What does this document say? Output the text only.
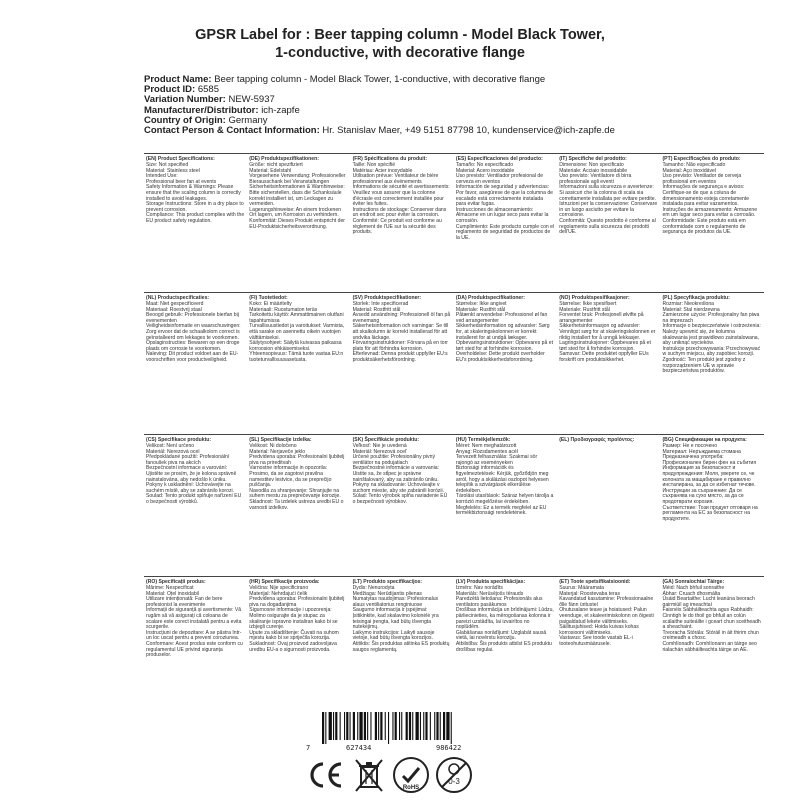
GPSR Label for : Beer tapping column - Model Black Tower,
1-conductive, with decorative flange
Product Name: Beer tapping column - Model Black Tower, 1-conductive, with decorative flange
Product ID: 6585
Variation Number: NEW-5937
Manufacturer/Distributor: ich-zapfe
Country of Origin: Germany
Contact Person & Contact Information: Hr. Stanislav Maer, +49 5151 87798 10, kundenservice@ich-zapfe.de
(EN) Product Specifications:
Size: Not specified
Material: Stainless steel
Intended Use:
Professional beer fan at events
Safety Information & Warnings: Please ensure that the scaling column is correctly installed to avoid leakages.
Storage Instructions: Store in a dry place to prevent corrosion.
Compliance: This product complies with the EU product safety regulation.
(DE) Produktspezifikationen:
Größe: nicht spezifiziert
Material: Edelstahl
Vorgesehene Verwendung: Professioneller Bierausschank bei Veranstaltungen
Sicherheitsinformationen & Warnhinweise: Bitte sicherstellen, dass die Schanksäule korrekt installiert ist, um Leckagen zu vermeiden.
Lagerungshinweise: An einem trockenen Ort lagern, um Korrosion zu verhindern.
Konformität: Dieses Produkt entspricht der EU-Produktsicherheitsverordnung.
(FR) Spécifications du produit:
Taille: Non spécifié
Matériau: Acier inoxydable
Utilisation prévue: Ventilateur de bière professionnel aux événements
Informations de sécurité et avertissements: Veuillez vous assurer que la colonne d'écrasle est correctement installée pour éviter les fuites.
Instructions de stockage: Conserver dans un endroit sec pour éviter la corrosion.
Conformité: Ce produit est conforme au règlement de l'UE sur la sécurité des produits.
(ES) Especificaciones del producto:
Tamaño: No especificado
Material: Acero inoxidable
Uso previsto: Ventilador profesional de cerveza en eventos
Información de seguridad y advertencias: Por favor, asegúrese de que la columna de escalado está correctamente instalada para evitar fugas.
Instrucciones de almacenamiento: Almacene en un lugar seco para evitar la corrosión.
Cumplimiento: Este producto cumple con el reglamento de seguridad de productos de la UE.
(IT) Specifiche del prodotto:
Dimensione: Non specificato
Materiale: Acciaio inossidabile
Uso previsto: Ventilatore di birra professionale agli eventi
Informazioni sulla sicurezza e avvertenze: Si assicuri che la colonna di scala sia correttamente installata per evitare perdite.
Istruzioni per la conservazione: Conservare in un luogo asciutto per evitare la corrosione.
Conformità: Questo prodotto è conforme al regolamento sulla sicurezza dei prodotti dell'UE.
(PT) Especificações do produto:
Tamanho: Não especificado
Material: Aço inoxidável
Uso previsto: Ventilador de cerveja profissional em eventos
Informações de segurança e avisos: Certifique-se de que a coluna de dimensionamento esteja corretamente instalada para evitar vazamentos.
Instruções de armazenamento: Armazene em um lugar seco para evitar a corrosão.
Conformidade: Este produto está em conformidade com o regulamento de segurança de produtos da UE.
(NL) Productspecificaties:
Maat: Niet gespecificeerd
Materiaal: Roestvrij staal
Beoogd gebruik: Professionele bierfan bij evenementen
Veiligheidsinformatie en waarschuwingen: Zorg ervoor dat de schaalkolom correct is geïnstalleerd om lekkages te voorkomen.
Opslaginstructies: Bewaren op een droge plaats om corrosie te voorkomen.
Naleving: Dit product voldoet aan de EU-voorschriften voor productveiligheid.
(FI) Tuotetiedot:
Koko: Ei määritelty
Materiaali: Ruostumaton teräs
Tarkoitettu käyttö: Ammattimainen olutfani tapahtumissa
Turvallisuustiedot ja varoitukset: Varmista, että sarake on asennettu oikein vuotojen välttämiseksi.
Säilytysohjeet: Säilytä kuivassa paikassa korroosion ehkäisemiseksi.
Yhteensopivuus: Tämä tuote vastaa EU:n tuoteturvallisuusasetusta.
(SV) Produktspecifikationer:
Storlek: Inte specificerad
Material: Rostfritt stål
Avsedd användning: Professionell öl fan på evenemang
Säkerhetsinformation och varningar: Se till att skalkolumn är korrekt installerad för att undvika läckage.
Förvaringsinstruktioner: Förvara på en torr plats för att förhindra korrosion.
Efterlevnad: Denna produkt uppfyller EU:s produktsäkerhetsförordning.
(DA) Produktspecifikationer:
Størrelse: Ikke angivet
Materiale: Rustfrit stål
Påtænkt anvendelse: Professionel øl fan ved arrangementer
Sikkerhedsinformation og advarsler: Sørg for, at skaleringskolonnen er korrekt installeret for at undgå lækager.
Opbevaringsinstruktioner: Opbevares på et tørt sted for at forhindre korrosion.
Overholdelse: Dette produkt overholder EU's produktsikkerhedsforordning.
(NO) Produktspesifikasjoner:
Størrelse: Ikke spesifisert
Materiale: Rustfritt stål
Forventet bruk: Profesjonell ølvifte på arrangementer
Sikkerhetsinformasjon og advarsler: Vennligst sørg for at skaleringskolonnen er riktig installert for å unngå lekkasjer.
Lagringsinstruksjoner: Oppbevares på et tørt sted for å forhindre korrosjon.
Samsvar: Dette produktet oppfyller EUs forskrift om produktsikkerhet.
(PL) Specyfikacja produktu:
Rozmiar: Nieokreślona
Materiał: Stal nierdzewna
Zamierzone użycie: Profesjonalny fan piwa na imprezach
Informacje o bezpieczeństwie i ostrzeżenia: Należy upewnić się, że kolumna skalowania jest prawidłowo zainstalowana, aby uniknąć wycieków.
Instrukcje przechowywania: Przechowywać w suchym miejscu, aby zapobiec korozji.
Zgodność: Ten produkt jest zgodny z rozporządzeniem UE w sprawie bezpieczeństwa produktów.
(CS) Specifikace produktu:
Velikost: Není určeno
Materiál: Nerezová ocel
Předpokládané použití: Profesionální fanoušek piva na akcích
Bezpečnostní informace a varování: Ujistěte se prosím, že je kolona správně nainstalována, aby nedošlo k úniku.
Pokyny k uskladnění: Uchovávejte na suchém místě, aby se zabránilo korozi.
Soulad: Tento produkt splňuje nařízení EU o bezpečnosti výrobků.
(SL) Specifikacije izdelka:
Velikost: Ni določeno
Material: Nerjaveče jeklo
Predvidena uporaba: Profesionalni ljubitelj piva na prireditvah
Varnostne informacije in opozorila: Prosimo, da se zagotovi pravilna namestitev lestvice, da se preprečijo puščanja.
Navodila za shranjevanje: Shranjujte na suhem mestu za preprečevanje korozije.
Skladnost: Ta izdelek ustreza uredbi EU o varnosti izdelkov.
(SK) Špecifikácie produktu:
Veľkosť: Nie je uvedená
Materiál: Nerezová oceľ
Určené použitie: Profesionálny pivný ventilátor na podujatiach
Bezpečnostné informácie a varovania: Uistite sa, že stĺpec je správne nainštalovaný, aby sa zabránilo úniku.
Pokyny na skladovanie: Uchovávajte v suchom mieste, aby ste zabránili korózii.
Súlad: Tento výrobok spĺňa nariadenie EÚ o bezpečnosti výrobkov.
(HU) Termékjellemzők:
Méret: Nem meghatározott
Anyag: Rozsdamentes acél
Tervezett felhasználás: Szakmai sör rajongó az eseményeken
Biztonsági információk és figyelmeztetések: Kérjük, győződjön meg arról, hogy a skálázási oszlopot helyesen telepítik a szivárgások elkerülése érdekében.
Tárolási utasítások: Száraz helyen tárolja a korrózió megelőzése érdekében.
Megfelelés: Ez a termék megfelel az EU termékbiztonsági rendeletének.
(EL) Προδιαγραφές προϊόντος:	(BG) Спецификации на продукта:
Размер: Не е посочено
Материал: Неръждаема стомана
Предназначена употреба: Професионален бирен фен на събития
Информация за безопасност и предупреждения: Моля, уверете се, че колоната за мащабиране е правилно инсталирана, за да се избегнат течове.
Инструкции за съхранение: Да се съхранява на сухо място, за да се предотврати корозия.
Съответствие: Този продукт отговаря на регламента на ЕС за безопасност на продуктите.
(RO) Specificații produs:
Mărime: Nespecificat
Material: Oțel inoxidabil
Utilizare intenționată: Fan de bere profesionist la evenimente
Informații de siguranță și avertismente: Vă rugăm să vă asigurați că coloana de scalare este corect instalată pentru a evita scurgerile.
Instrucțiuni de depozitare: A se păstra într-un loc uscat pentru a preveni coroziunea.
Conformare: Acest produs este conform cu regulamentul UE privind siguranța produselor.
(HR) Specifikacije proizvoda:
Veličina: Nije specificirano
Materijal: Nehrđajući čelik
Predviđena uporaba: Profesionalni ljubitelj piva na događanjima
Sigurnosne informacije i upozorenja: Molimo osigurajte da je stupac za skaliranje ispravno instaliran kako bi se izbjegli curenje.
Upute za skladištenje: Čuvati na suhom mjestu kako bi se spriječila korozija.
Sukladnost: Ovaj proizvod zadovoljava uredbu EU-a o sigurnosti proizvoda.
(LT) Produkto specifikacijos:
Dydis: Nenurodyta
Medžiaga: Nerūdijantis plienas
Numatytas naudojimas: Profesionalus alaus ventiliatorius renginiuose
Saugumo informacija ir įspėjimai: Įsitikinkite, kad skalavimo kolonėlė yra teisingai įrengta, kad būtų išvengta nutekėjimų.
Laikymo instrukcijos: Laikyti sausoje vietoje, kad būtų išvengta korozijos.
Atitiktis: Šis produktas atitinka ES produktų saugos reglamentą.
(LV) Produkta specifikācijas:
Izmērs: Nav norādīts
Materiāls: Nerūsējošs tērauds
Paredzētā lietošana: Profesionāls alus ventilators pasākumos
Drošības informācija un brīdinājumi: Lūdzu, pārliecinieties, ka mērogošanas kolonna ir pareizi uzstādīta, lai izvairītos no noplūdēm.
Glabāšanas norādījumi: Uzglabāt sausā vietā, lai novērstu koroziju.
Atbilstība: Šis produkts atbilst ES produktu drošības regulai.
(ET) Toote spetsifikatsioonid:
Suurus: Määramata
Materjal: Roostevaba teras
Kavandatud kasutamine: Professionaalne õlle fänn üritustel
Ohutusalane teave ja hoiatused: Palun veenduge, et skaleerimiskolonn on õigesti paigaldatud lekete vältimiseks.
Säilitusjuhised: Hoida kuivas kohas korrosiooni vältimiseks.
Vastavus: See toode vastab EL-i tooteohutusmäärusele.
(GA) Sonraíochtaí Táirge:
Méid: Nach bhfuil sonraithe
Ábhar: Cruach dhosmálta
Úsáid Beartaithe: Lucht leanúna beorach gairmiúil ag imeachtaí
Faisnéis Sábháilteachta agus Rabhaidh: Cinntigh le do thoil go bhfuil an colún scálaithe suiteáilte i gceart chun sceitheadh a sheachaint.
Treoracha Stórála: Stóráil in áit thirim chun creimeadh a chosc.
Comhlíonadh: Comhlíonann an táirge seo rialachán sábháilteachta táirge an AE.
7	627434	986422
RoHS
0-3
